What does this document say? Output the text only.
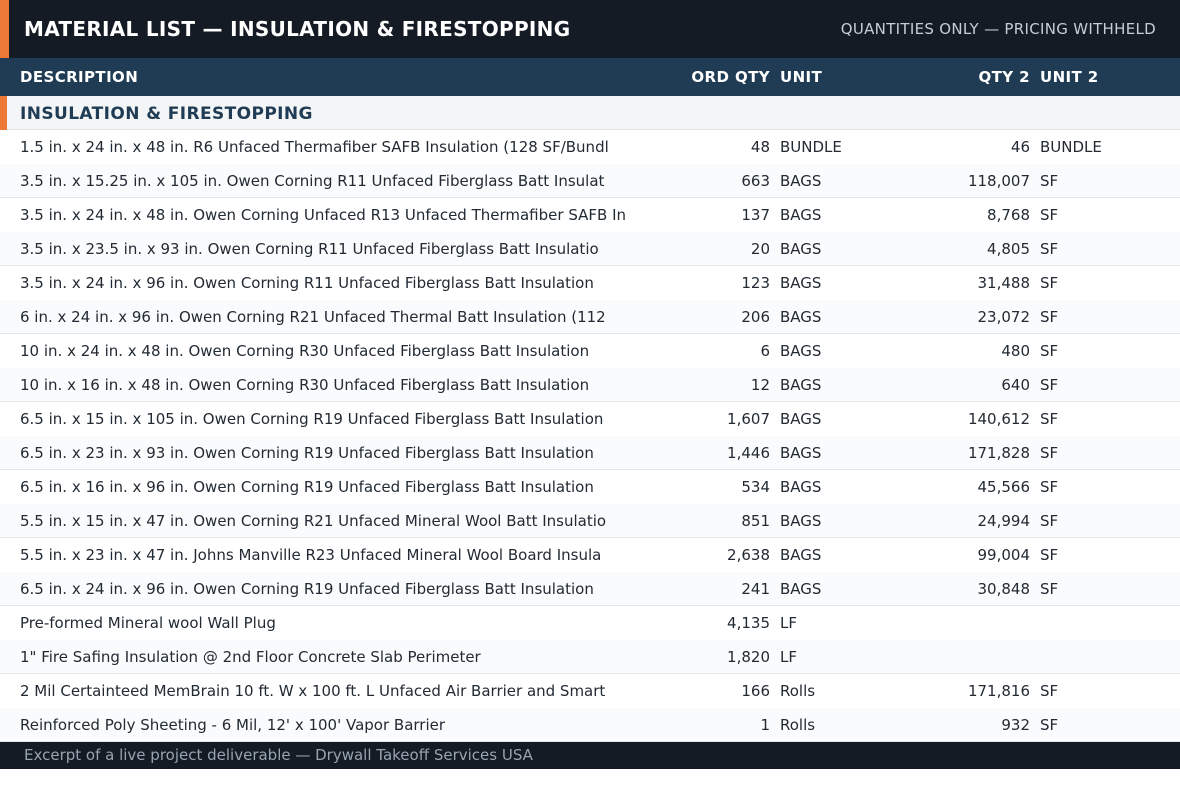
MATERIAL LIST — INSULATION & FIRESTOPPING	QUANTITIES ONLY — PRICING WITHHELD
DESCRIPTION	ORD QTY UNIT	QTY 2 UNIT 2
INSULATION & FIRESTOPPING
1.5 in. x 24 in. x 48 in. R6 Unfaced Thermafiber SAFB Insulation (128 SF/Bundl	48 BUNDLE	46 BUNDLE
3.5 in. x 15.25 in. x 105 in. Owen Corning R11 Unfaced Fiberglass Batt Insulat	663 BAGS	118,007 SF
3.5 in. x 24 in. x 48 in. Owen Corning Unfaced R13 Unfaced Thermafiber SAFB In	137 BAGS	8,768 SF
3.5 in. x 23.5 in. x 93 in. Owen Corning R11 Unfaced Fiberglass Batt Insulatio	20 BAGS	4,805 SF
3.5 in. x 24 in. x 96 in. Owen Corning R11 Unfaced Fiberglass Batt Insulation	123 BAGS	31,488 SF
6 in. x 24 in. x 96 in. Owen Corning R21 Unfaced Thermal Batt Insulation (112	206 BAGS	23,072 SF
10 in. x 24 in. x 48 in. Owen Corning R30 Unfaced Fiberglass Batt Insulation	6 BAGS	480 SF
10 in. x 16 in. x 48 in. Owen Corning R30 Unfaced Fiberglass Batt Insulation	12 BAGS	640 SF
6.5 in. x 15 in. x 105 in. Owen Corning R19 Unfaced Fiberglass Batt Insulation	1,607 BAGS	140,612 SF
6.5 in. x 23 in. x 93 in. Owen Corning R19 Unfaced Fiberglass Batt Insulation	1,446 BAGS	171,828 SF
6.5 in. x 16 in. x 96 in. Owen Corning R19 Unfaced Fiberglass Batt Insulation	534 BAGS	45,566 SF
5.5 in. x 15 in. x 47 in. Owen Corning R21 Unfaced Mineral Wool Batt Insulatio	851 BAGS	24,994 SF
5.5 in. x 23 in. x 47 in. Johns Manville R23 Unfaced Mineral Wool Board Insula	2,638 BAGS	99,004 SF
6.5 in. x 24 in. x 96 in. Owen Corning R19 Unfaced Fiberglass Batt Insulation	241 BAGS	30,848 SF
Pre-formed Mineral wool Wall Plug	4,135 LF
1" Fire Safing Insulation @ 2nd Floor Concrete Slab Perimeter	1,820 LF
2 Mil Certainteed MemBrain 10 ft. W x 100 ft. L Unfaced Air Barrier and Smart	166 Rolls	171,816 SF
Reinforced Poly Sheeting - 6 Mil, 12' x 100' Vapor Barrier	1 Rolls	932 SF
Excerpt of a live project deliverable — Drywall Takeoff Services USA
